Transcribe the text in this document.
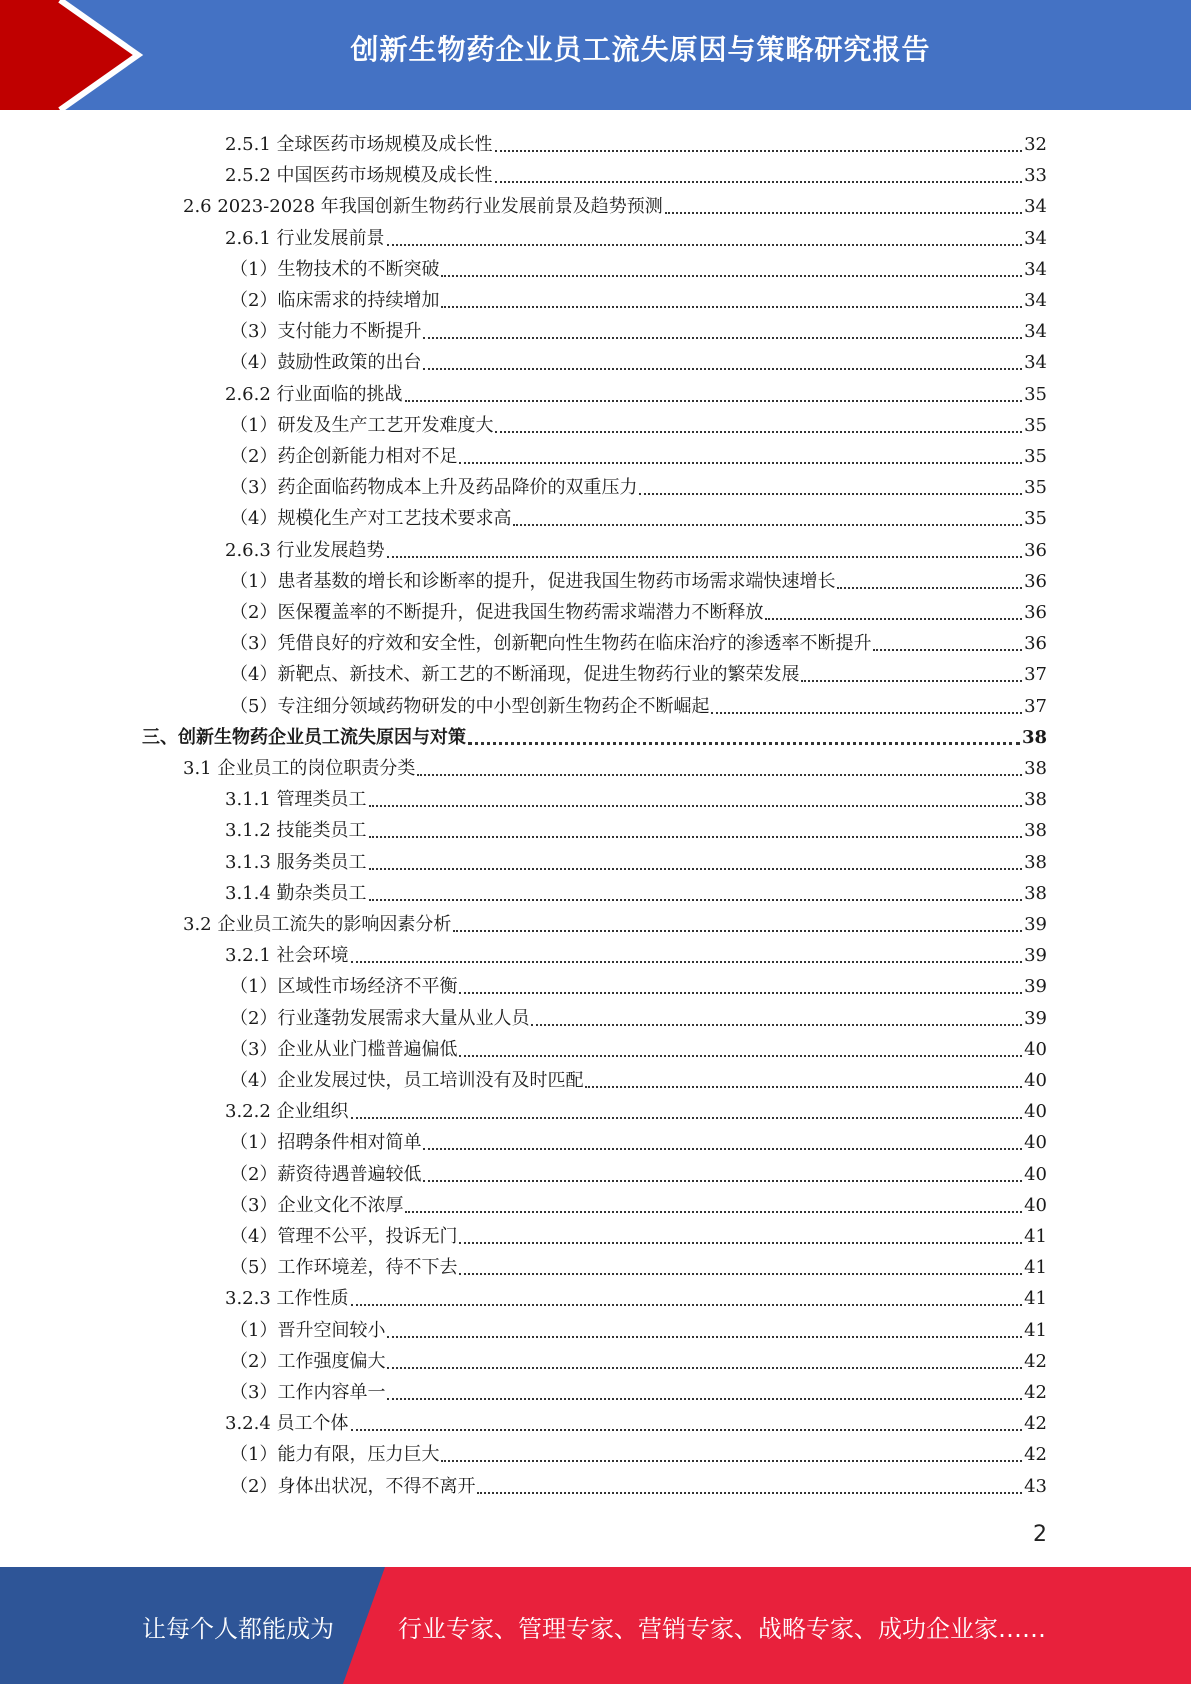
创新生物药企业员工流失原因与策略研究报告
2.5.1 全球医药市场规模及成长性	32
2.5.2 中国医药市场规模及成长性	33
2.6 2023-2028 年我国创新生物药行业发展前景及趋势预测	34
2.6.1 行业发展前景	34
（1）生物技术的不断突破	34
（2）临床需求的持续增加	34
（3）支付能力不断提升	34
（4）鼓励性政策的出台	34
2.6.2 行业面临的挑战	35
（1）研发及生产工艺开发难度大	35
（2）药企创新能力相对不足	35
（3）药企面临药物成本上升及药品降价的双重压力	35
（4）规模化生产对工艺技术要求高	35
2.6.3 行业发展趋势	36
（1）患者基数的增长和诊断率的提升，促进我国生物药市场需求端快速增长	36
（2）医保覆盖率的不断提升，促进我国生物药需求端潜力不断释放	36
（3）凭借良好的疗效和安全性，创新靶向性生物药在临床治疗的渗透率不断提升	36
（4）新靶点、新技术、新工艺的不断涌现，促进生物药行业的繁荣发展	37
（5）专注细分领域药物研发的中小型创新生物药企不断崛起	37
三、创新生物药企业员工流失原因与对策	38
3.1 企业员工的岗位职责分类	38
3.1.1 管理类员工	38
3.1.2 技能类员工	38
3.1.3 服务类员工	38
3.1.4 勤杂类员工	38
3.2 企业员工流失的影响因素分析	39
3.2.1 社会环境	39
（1）区域性市场经济不平衡	39
（2）行业蓬勃发展需求大量从业人员	39
（3）企业从业门槛普遍偏低	40
（4）企业发展过快，员工培训没有及时匹配	40
3.2.2 企业组织	40
（1）招聘条件相对简单	40
（2）薪资待遇普遍较低	40
（3）企业文化不浓厚	40
（4）管理不公平，投诉无门	41
（5）工作环境差，待不下去	41
3.2.3 工作性质	41
（1）晋升空间较小	41
（2）工作强度偏大	42
（3）工作内容单一	42
3.2.4 员工个体	42
（1）能力有限，压力巨大	42
（2）身体出状况，不得不离开	43
2
让每个人都能成为	行业专家、管理专家、营销专家、战略专家、成功企业家……
